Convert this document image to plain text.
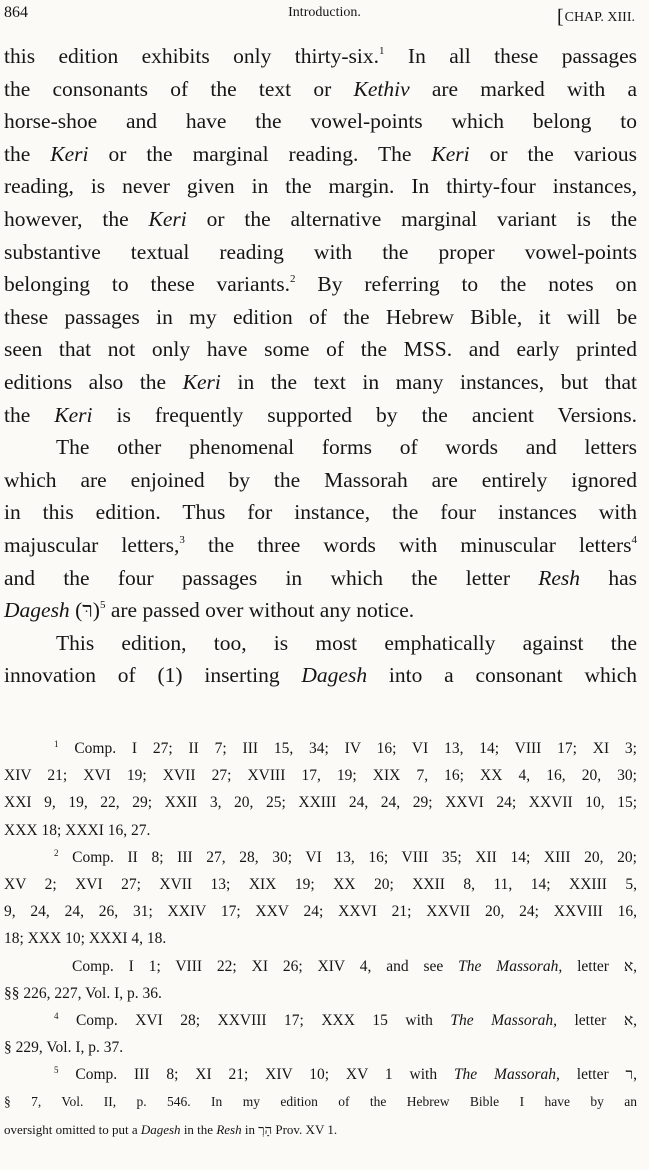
864	Introduction.	[CHAP. XIII.
this edition exhibits only thirty-six.$^1$ In all these passages
the consonants of the text or Kethiv are marked with a
horse-shoe and have the vowel-points which belong to
the Keri or the marginal reading. The Keri or the various
reading, is never given in the margin. In thirty-four instances,
however, the Keri or the alternative marginal variant is the
substantive textual reading with the proper vowel-points
belonging to these variants.$^2$ By referring to the notes on
these passages in my edition of the Hebrew Bible, it will be
seen that not only have some of the MSS. and early printed
editions also the Keri in the text in many instances, but that
the Keri is frequently supported by the ancient Versions.
The other phenomenal forms of words and letters
which are enjoined by the Massorah are entirely ignored
in this edition. Thus for instance, the four instances with
majuscular letters,$^3$ the three words with minuscular letters$^4$
and the four passages in which the letter Resh has
Dagesh (רּ)$^5$ are passed over without any notice.
This edition, too, is most emphatically against the
innovation of (1) inserting Dagesh into a consonant which
$^1$ Comp. I 27; II 7; III 15, 34; IV 16; VI 13, 14; VIII 17; XI 3;
XIV 21; XVI 19; XVII 27; XVIII 17, 19; XIX 7, 16; XX 4, 16, 20, 30;
XXI 9, 19, 22, 29; XXII 3, 20, 25; XXIII 24, 24, 29; XXVI 24; XXVII 10, 15;
XXX 18; XXXI 16, 27.
$^2$ Comp. II 8; III 27, 28, 30; VI 13, 16; VIII 35; XII 14; XIII 20, 20;
XV 2; XVI 27; XVII 13; XIX 19; XX 20; XXII 8, 11, 14; XXIII 5,
9, 24, 24, 26, 31; XXIV 17; XXV 24; XXVI 21; XXVII 20, 24; XXVIII 16,
18; XXX 10; XXXI 4, 18.
Comp. I 1; VIII 22; XI 26; XIV 4, and see The Massorah, letter א,
§§ 226, 227, Vol. I, p. 36.
$^4$ Comp. XVI 28; XXVIII 17; XXX 15 with The Massorah, letter א,
§ 229, Vol. I, p. 37.
$^5$ Comp. III 8; XI 21; XIV 10; XV 1 with The Massorah, letter ר,
§ 7, Vol. II, p. 546. In my edition of the Hebrew Bible I have by an
oversight omitted to put a Dagesh in the Resh in הָרְ Prov. XV 1.
